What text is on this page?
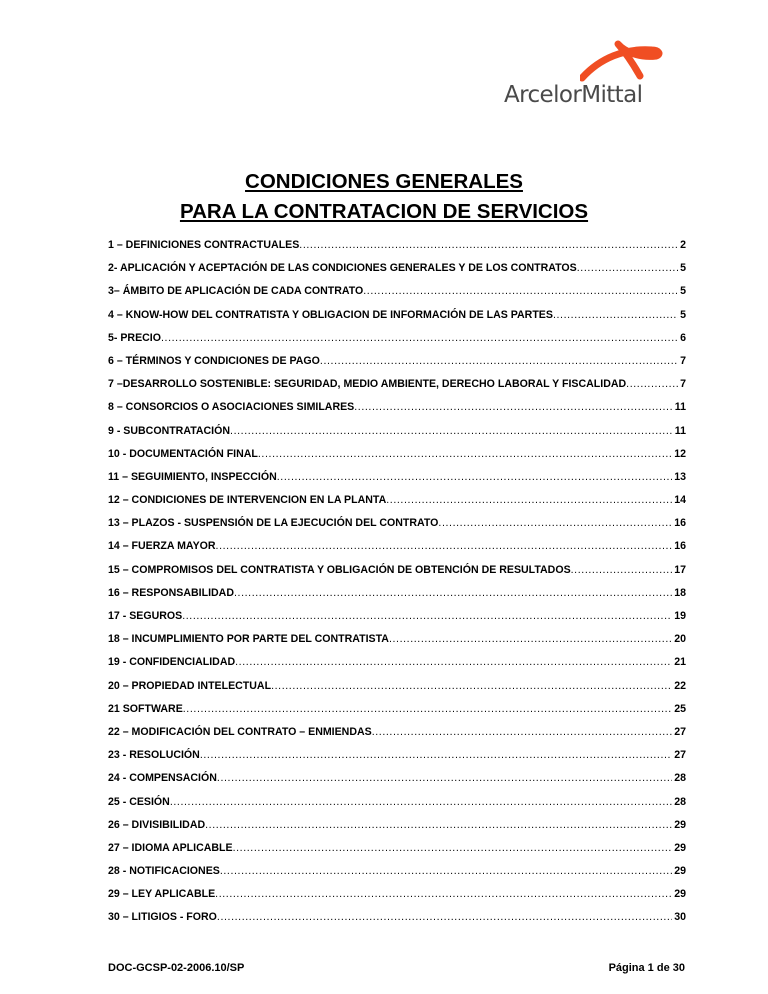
ArcelorMittal
CONDICIONES GENERALES
PARA LA CONTRATACION DE SERVICIOS
1 – DEFINICIONES CONTRACTUALES .....	2
2- APLICACIÓN Y ACEPTACIÓN DE LAS CONDICIONES GENERALES Y DE LOS CONTRATOS .....	5
3– ÁMBITO DE APLICACIÓN DE CADA CONTRATO .....	5
4 – KNOW-HOW DEL CONTRATISTA Y OBLIGACION DE INFORMACIÓN DE LAS PARTES .....	5
5- PRECIO .....	6
6 – TÉRMINOS Y CONDICIONES DE PAGO .....	7
7 –DESARROLLO SOSTENIBLE: SEGURIDAD, MEDIO AMBIENTE, DERECHO LABORAL Y FISCALIDAD .....	7
8 – CONSORCIOS O ASOCIACIONES SIMILARES .....	11
9 - SUBCONTRATACIÓN .....	11
10 - DOCUMENTACIÓN FINAL .....	12
11 – SEGUIMIENTO, INSPECCIÓN .....	13
12 – CONDICIONES DE INTERVENCION EN LA PLANTA .....	14
13 – PLAZOS - SUSPENSIÓN DE LA EJECUCIÓN DEL CONTRATO .....	16
14 – FUERZA MAYOR .....	16
15 – COMPROMISOS DEL CONTRATISTA Y OBLIGACIÓN DE OBTENCIÓN DE RESULTADOS .....	17
16 – RESPONSABILIDAD .....	18
17 - SEGUROS .....	19
18 – INCUMPLIMIENTO POR PARTE DEL CONTRATISTA .....	20
19 - CONFIDENCIALIDAD .....	21
20 – PROPIEDAD INTELECTUAL .....	22
21 SOFTWARE .....	25
22 – MODIFICACIÓN DEL CONTRATO – ENMIENDAS .....	27
23 - RESOLUCIÓN .....	27
24 - COMPENSACIÓN .....	28
25 - CESIÓN .....	28
26 – DIVISIBILIDAD .....	29
27 – IDIOMA APLICABLE .....	29
28 - NOTIFICACIONES .....	29
29 – LEY APLICABLE .....	29
30 – LITIGIOS - FORO .....	30
DOC-GCSP-02-2006.10/SP	Página 1 de 30
